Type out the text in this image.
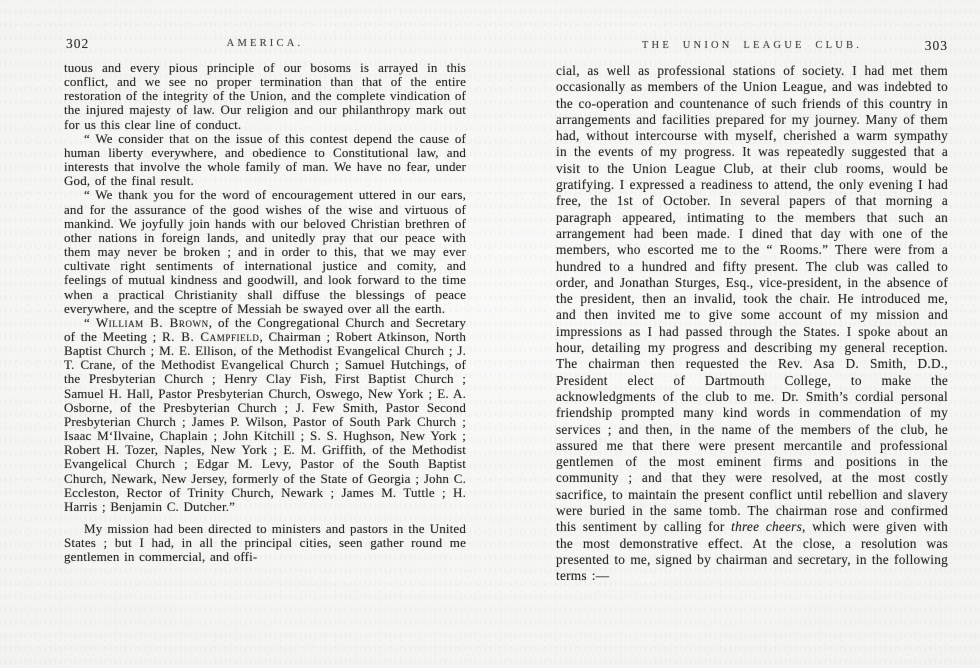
302	AMERICA.

tuous and every pious principle of our bosoms is arrayed in this conflict, and we see no proper termination than that of the entire restoration of the integrity of the Union, and the complete vindication of the injured majesty of law. Our religion and our philanthropy mark out for us this clear line of conduct.

“ We consider that on the issue of this contest depend the cause of human liberty everywhere, and obedience to Constitutional law, and interests that involve the whole family of man. We have no fear, under God, of the final result.

“ We thank you for the word of encouragement uttered in our ears, and for the assurance of the good wishes of the wise and virtuous of mankind. We joyfully join hands with our beloved Christian brethren of other nations in foreign lands, and unitedly pray that our peace with them may never be broken ; and in order to this, that we may ever cultivate right sentiments of international justice and comity, and feelings of mutual kindness and goodwill, and look forward to the time when a practical Christianity shall diffuse the blessings of peace everywhere, and the sceptre of Messiah be swayed over all the earth.

“ William B. Brown, of the Congregational Church and Secretary of the Meeting ; R. B. Campfield, Chairman ; Robert Atkinson, North Baptist Church ; M. E. Ellison, of the Methodist Evangelical Church ; J. T. Crane, of the Methodist Evangelical Church ; Samuel Hutchings, of the Presbyterian Church ; Henry Clay Fish, First Baptist Church ; Samuel H. Hall, Pastor Presbyterian Church, Oswego, New York ; E. A. Osborne, of the Presbyterian Church ; J. Few Smith, Pastor Second Presbyterian Church ; James P. Wilson, Pastor of South Park Church ; Isaac M‘Ilvaine, Chaplain ; John Kitchill ; S. S. Hughson, New York ; Robert H. Tozer, Naples, New York ; E. M. Griffith, of the Methodist Evangelical Church ; Edgar M. Levy, Pastor of the South Baptist Church, Newark, New Jersey, formerly of the State of Georgia ; John C. Eccleston, Rector of Trinity Church, Newark ; James M. Tuttle ; H. Harris ; Benjamin C. Dutcher.”

My mission had been directed to ministers and pastors in the United States ; but I had, in all the principal cities, seen gather round me gentlemen in commercial, and offi-

THE UNION LEAGUE CLUB.	303

cial, as well as professional stations of society. I had met them occasionally as members of the Union League, and was indebted to the co-operation and countenance of such friends of this country in arrangements and facilities prepared for my journey. Many of them had, without intercourse with myself, cherished a warm sympathy in the events of my progress. It was repeatedly suggested that a visit to the Union League Club, at their club rooms, would be gratifying. I expressed a readiness to attend, the only evening I had free, the 1st of October. In several papers of that morning a paragraph appeared, intimating to the members that such an arrangement had been made. I dined that day with one of the members, who escorted me to the “ Rooms.” There were from a hundred to a hundred and fifty present. The club was called to order, and Jonathan Sturges, Esq., vice-president, in the absence of the president, then an invalid, took the chair. He introduced me, and then invited me to give some account of my mission and impressions as I had passed through the States. I spoke about an hour, detailing my progress and describing my general reception. The chairman then requested the Rev. Asa D. Smith, D.D., President elect of Dartmouth College, to make the acknowledgments of the club to me. Dr. Smith’s cordial personal friendship prompted many kind words in commendation of my services ; and then, in the name of the members of the club, he assured me that there were present mercantile and professional gentlemen of the most eminent firms and positions in the community ; and that they were resolved, at the most costly sacrifice, to maintain the present conflict until rebellion and slavery were buried in the same tomb. The chairman rose and confirmed this sentiment by calling for three cheers, which were given with the most demonstrative effect. At the close, a resolution was presented to me, signed by chairman and secretary, in the following terms :—
